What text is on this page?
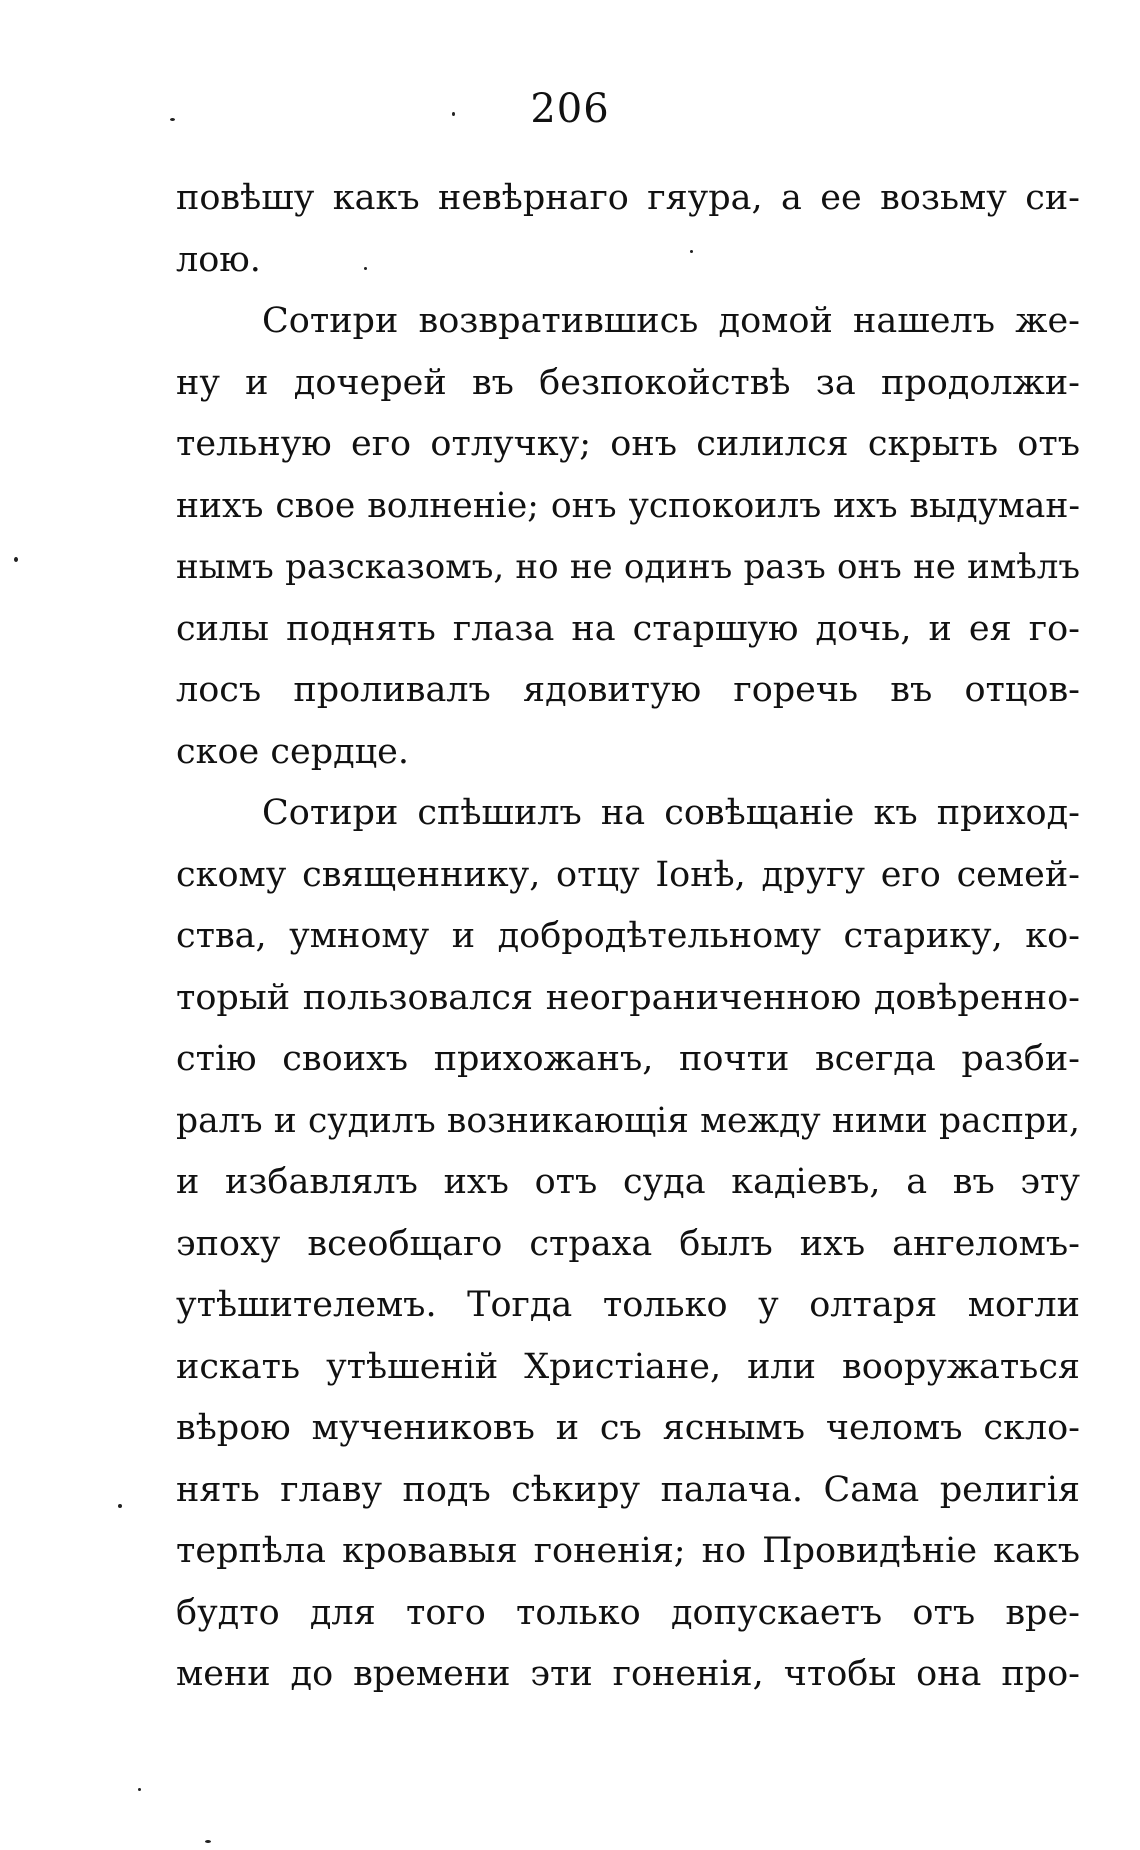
206
повѣшу какъ невѣрнаго гяура, а ее возьму си-
лою.
Сотири возвратившись домой нашелъ же-
ну и дочерей въ безпокойствѣ за продолжи-
тельную его отлучку; онъ силился скрыть отъ
нихъ свое волненіе; онъ успокоилъ ихъ выдуман-
нымъ разсказомъ, но не одинъ разъ онъ не имѣлъ
силы поднять глаза на старшую дочь, и ея го-
лосъ проливалъ ядовитую горечь въ отцов-
ское сердце.
Сотири спѣшилъ на совѣщаніе къ приход-
скому священнику, отцу Іонѣ, другу его семей-
ства, умному и добродѣтельному старику, ко-
торый пользовался неограниченною довѣренно-
стію своихъ прихожанъ, почти всегда разби-
ралъ и судилъ возникающія между ними распри,
и избавлялъ ихъ отъ суда кадіевъ, а въ эту
эпоху всеобщаго страха былъ ихъ ангеломъ-
утѣшителемъ. Тогда только у олтаря могли
искать утѣшеній Христіане, или вооружаться
вѣрою мучениковъ и съ яснымъ челомъ скло-
нять главу подъ сѣкиру палача. Сама религія
терпѣла кровавыя гоненія; но Провидѣніе какъ
будто для того только допускаетъ отъ вре-
мени до времени эти гоненія, чтобы она про-
